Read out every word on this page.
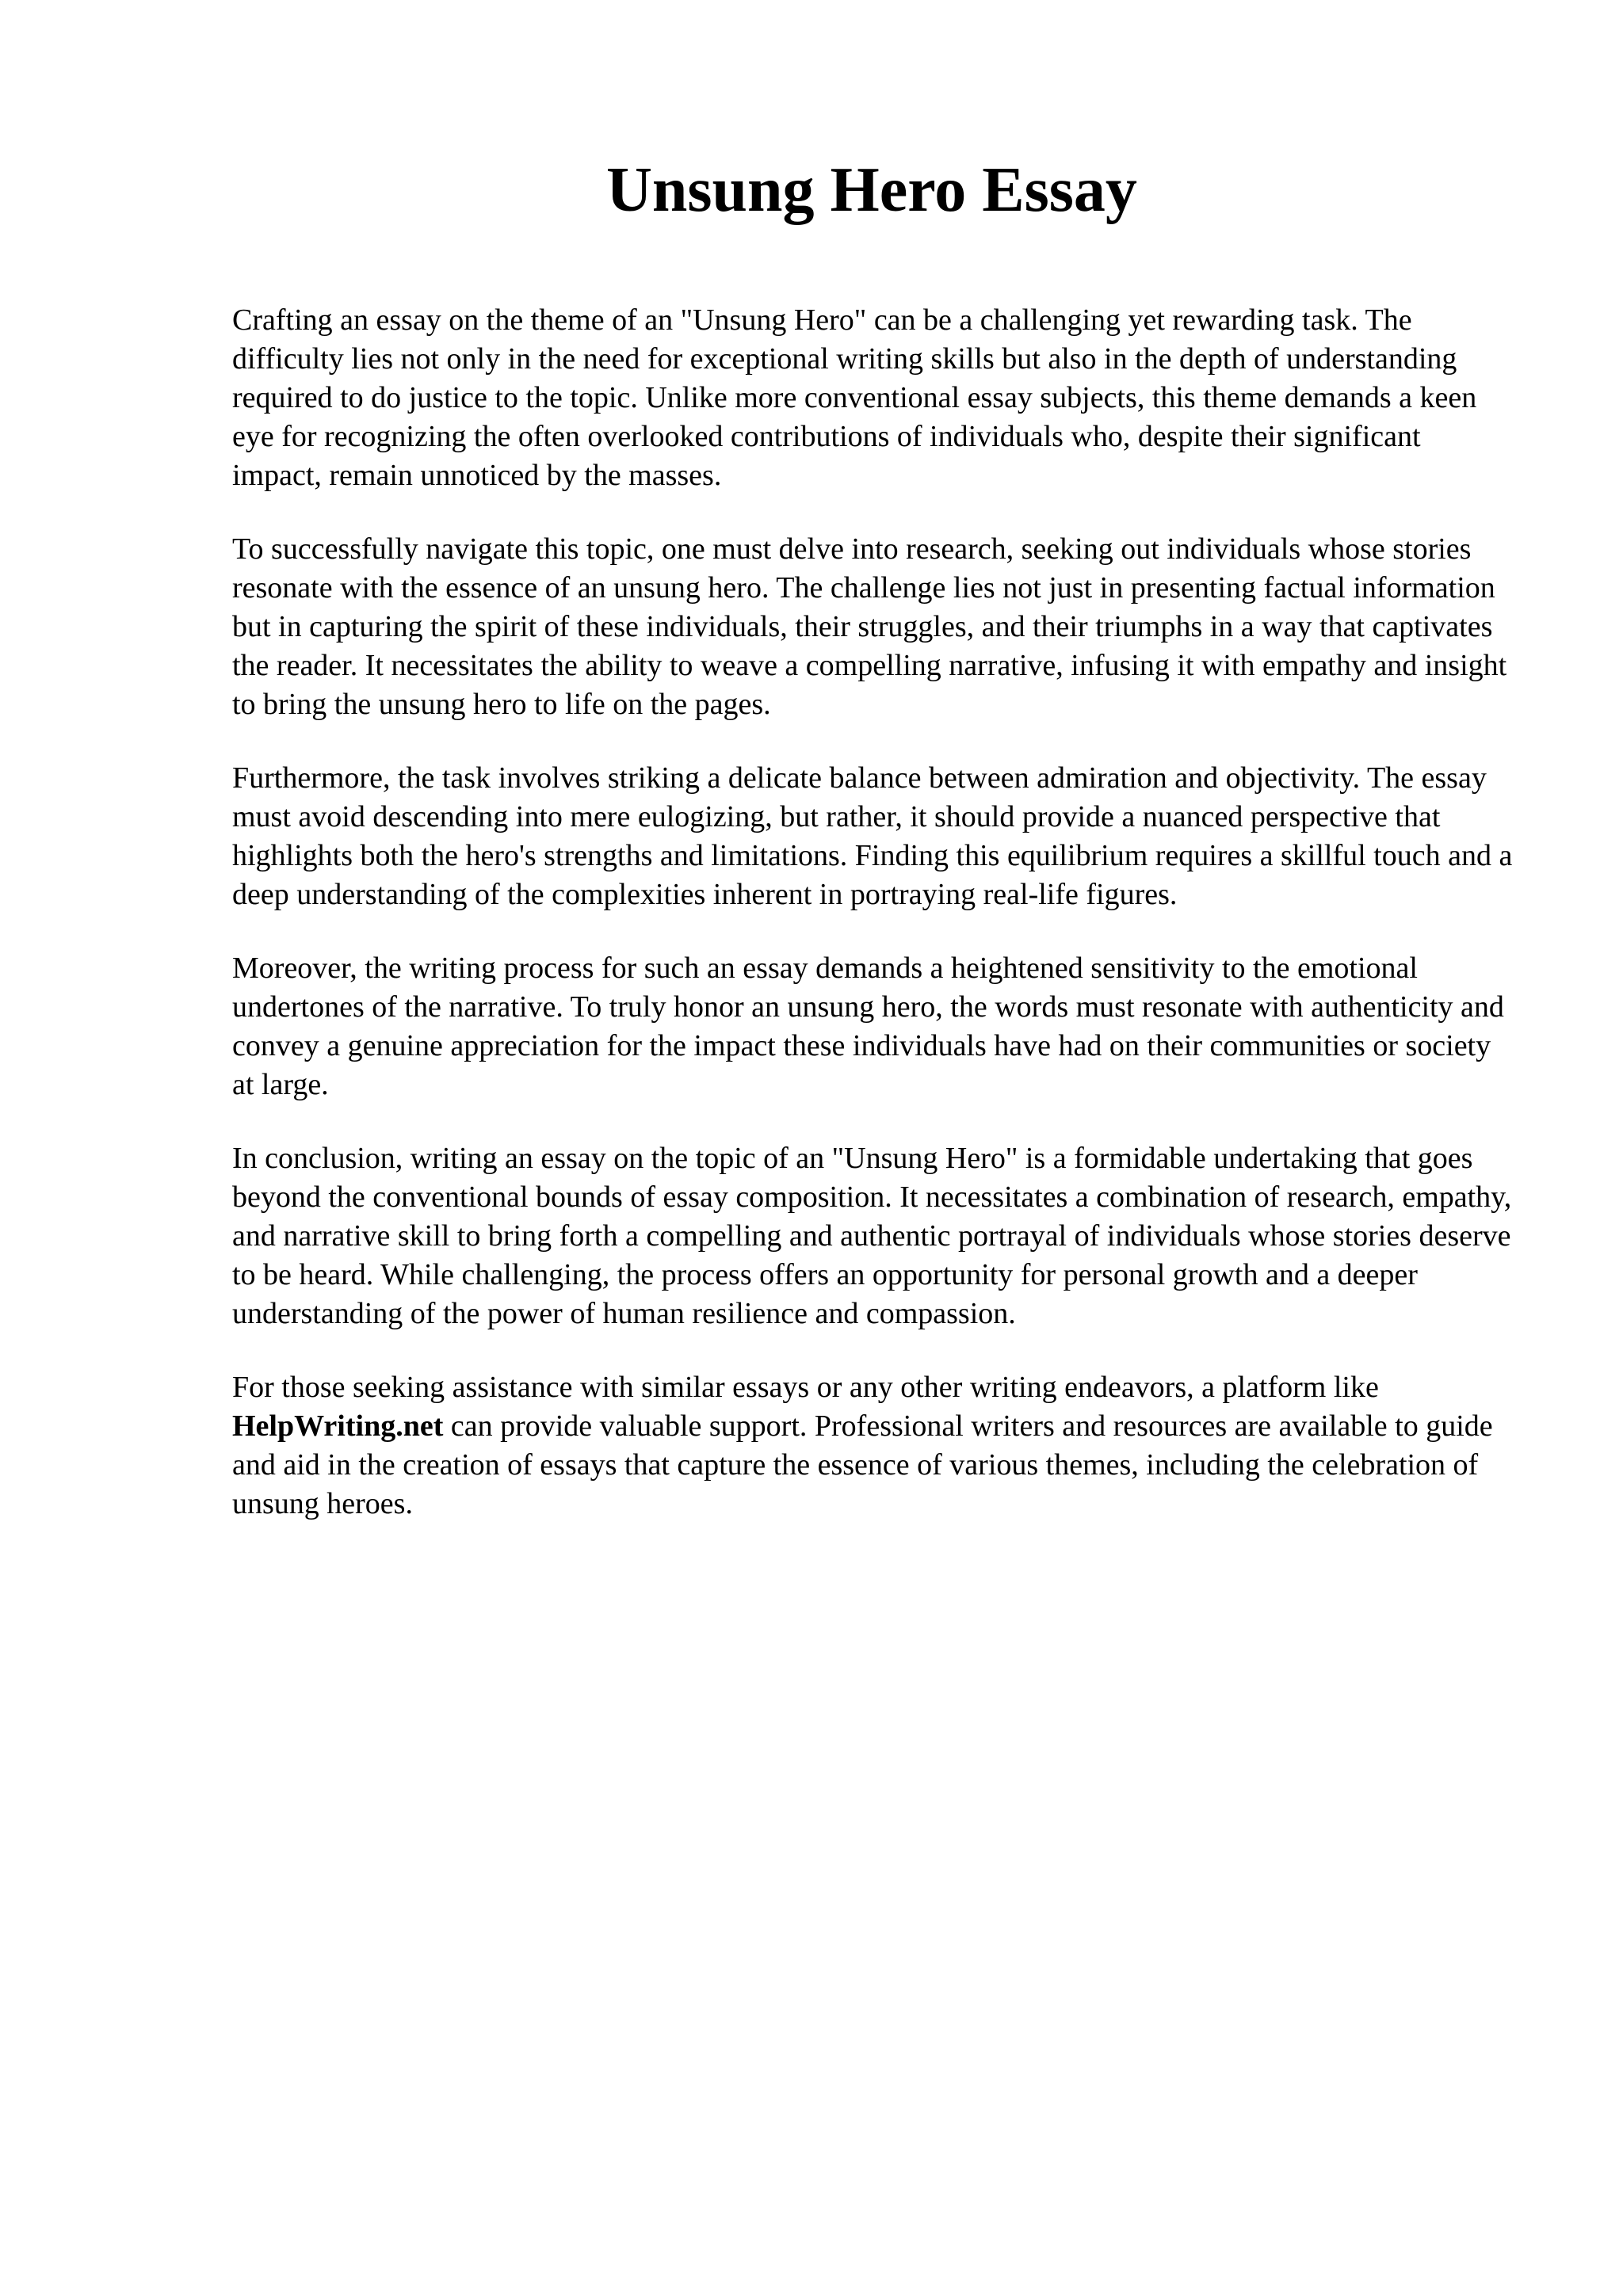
Unsung Hero Essay

Crafting an essay on the theme of an "Unsung Hero" can be a challenging yet rewarding task. The difficulty lies not only in the need for exceptional writing skills but also in the depth of understanding required to do justice to the topic. Unlike more conventional essay subjects, this theme demands a keen eye for recognizing the often overlooked contributions of individuals who, despite their significant impact, remain unnoticed by the masses.

To successfully navigate this topic, one must delve into research, seeking out individuals whose stories resonate with the essence of an unsung hero. The challenge lies not just in presenting factual information but in capturing the spirit of these individuals, their struggles, and their triumphs in a way that captivates the reader. It necessitates the ability to weave a compelling narrative, infusing it with empathy and insight to bring the unsung hero to life on the pages.

Furthermore, the task involves striking a delicate balance between admiration and objectivity. The essay must avoid descending into mere eulogizing, but rather, it should provide a nuanced perspective that highlights both the hero's strengths and limitations. Finding this equilibrium requires a skillful touch and a deep understanding of the complexities inherent in portraying real-life figures.

Moreover, the writing process for such an essay demands a heightened sensitivity to the emotional undertones of the narrative. To truly honor an unsung hero, the words must resonate with authenticity and convey a genuine appreciation for the impact these individuals have had on their communities or society at large.

In conclusion, writing an essay on the topic of an "Unsung Hero" is a formidable undertaking that goes beyond the conventional bounds of essay composition. It necessitates a combination of research, empathy, and narrative skill to bring forth a compelling and authentic portrayal of individuals whose stories deserve to be heard. While challenging, the process offers an opportunity for personal growth and a deeper understanding of the power of human resilience and compassion.

For those seeking assistance with similar essays or any other writing endeavors, a platform like HelpWriting.net can provide valuable support. Professional writers and resources are available to guide and aid in the creation of essays that capture the essence of various themes, including the celebration of unsung heroes.
